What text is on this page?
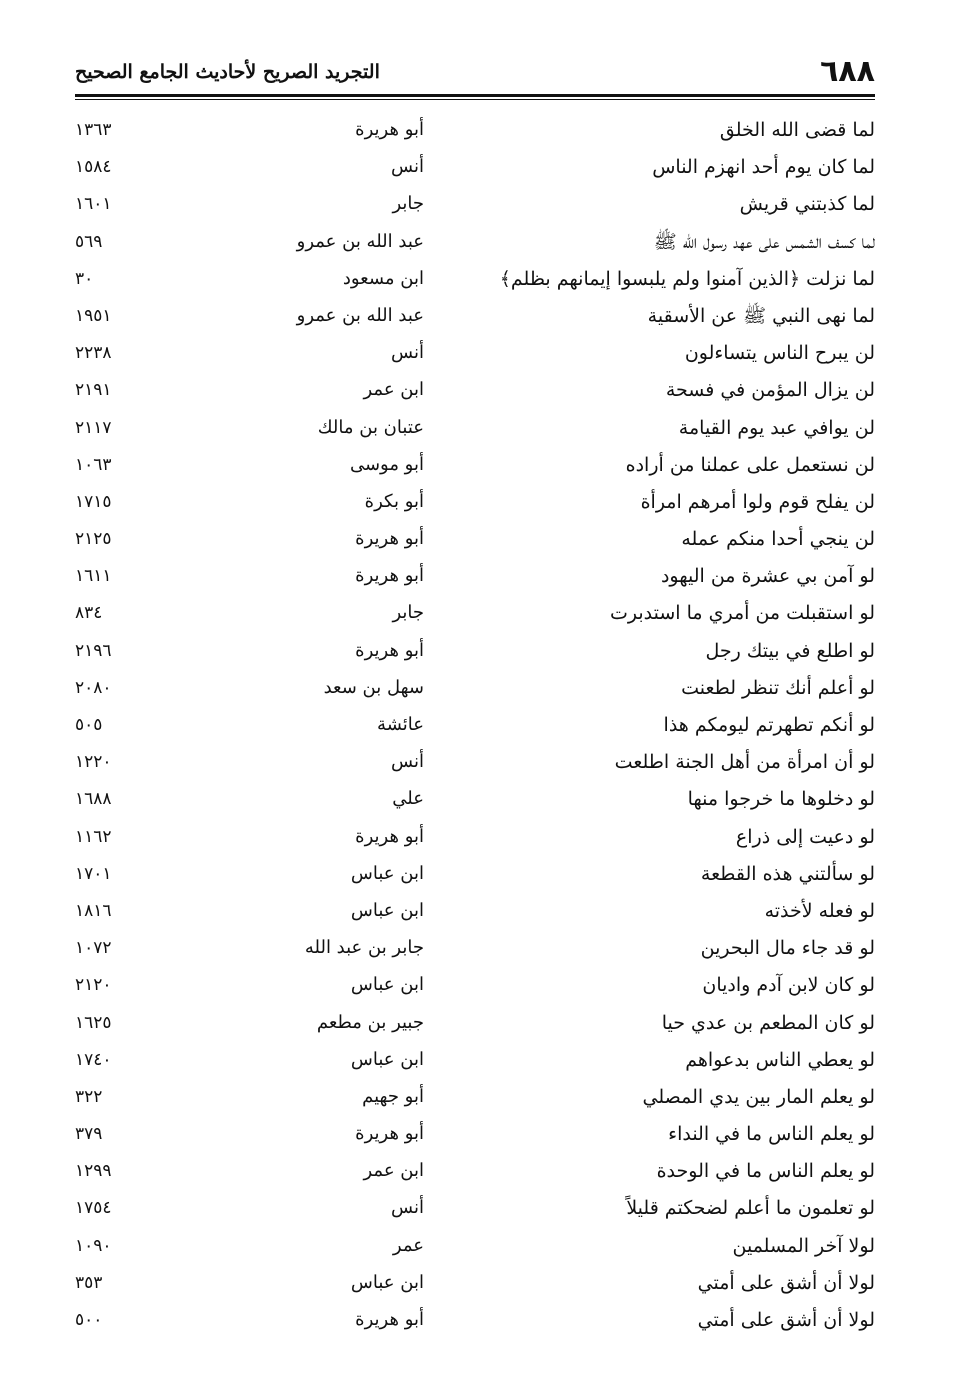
٦٨٨
التجريد الصريح لأحاديث الجامع الصحيح
لما قضى الله الخلق
أبو هريرة
١٣٦٣
لما كان يوم أحد انهزم الناس
أنس
١٥٨٤
لما كذبتني قريش
جابر
١٦٠١
لما كسف الشمس على عهد رسول الله ﷺ
عبد الله بن عمرو
٥٦٩
لما نزلت ﴿الذين آمنوا ولم يلبسوا إيمانهم بظلم﴾
ابن مسعود
٣٠
لما نهى النبي ﷺ عن الأسقية
عبد الله بن عمرو
١٩٥١
لن يبرح الناس يتساءلون
أنس
٢٢٣٨
لن يزال المؤمن في فسحة
ابن عمر
٢١٩١
لن يوافي عبد يوم القيامة
عتبان بن مالك
٢١١٧
لن نستعمل على عملنا من أراده
أبو موسى
١٠٦٣
لن يفلح قوم ولوا أمرهم امرأة
أبو بكرة
١٧١٥
لن ينجي أحدا منكم عمله
أبو هريرة
٢١٢٥
لو آمن بي عشرة من اليهود
أبو هريرة
١٦١١
لو استقبلت من أمري ما استدبرت
جابر
٨٣٤
لو اطلع في بيتك رجل
أبو هريرة
٢١٩٦
لو أعلم أنك تنظر لطعنت
سهل بن سعد
٢٠٨٠
لو أنكم تطهرتم ليومكم هذا
عائشة
٥٠٥
لو أن امرأة من أهل الجنة اطلعت
أنس
١٢٢٠
لو دخلوها ما خرجوا منها
علي
١٦٨٨
لو دعيت إلى ذراع
أبو هريرة
١١٦٢
لو سألتني هذه القطعة
ابن عباس
١٧٠١
لو فعله لأخذته
ابن عباس
١٨١٦
لو قد جاء مال البحرين
جابر بن عبد الله
١٠٧٢
لو كان لابن آدم واديان
ابن عباس
٢١٢٠
لو كان المطعم بن عدي حيا
جبير بن مطعم
١٦٢٥
لو يعطي الناس بدعواهم
ابن عباس
١٧٤٠
لو يعلم المار بين يدي المصلي
أبو جهيم
٣٢٢
لو يعلم الناس ما في النداء
أبو هريرة
٣٧٩
لو يعلم الناس ما في الوحدة
ابن عمر
١٢٩٩
لو تعلمون ما أعلم لضحكتم قليلاً
أنس
١٧٥٤
لولا آخر المسلمين
عمر
١٠٩٠
لولا أن أشق على أمتي
ابن عباس
٣٥٣
لولا أن أشق على أمتي
أبو هريرة
٥٠٠
